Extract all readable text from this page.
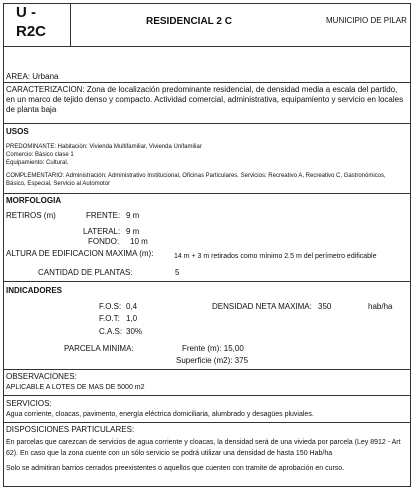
U -
R2C
RESIDENCIAL 2 C	MUNICIPIO DE PILAR
AREA: Urbana
CARACTERIZACION: Zona de localización predominante residencial, de densidad media a escala del partido, en un marco de tejido denso y compacto. Actividad comercial, administrativa, equipamiento y servicio en locales de planta baja
USOS
PREDOMINANTE: Habitación: Vivienda Multifamiliar, Vivienda Unifamiliar
Comercio: Básico clase 1
Equipamiento: Cultural.
COMPLEMENTARIO: Administración: Administrativo Institucional, Oficinas Particulares. Servicios: Recreativo A, Recreativo C, Gastronómicos, Básico, Especial, Servicio al Automotor
MORFOLOGIA
RETIROS (m)	FRENTE: 9 m
LATERAL: 9 m
FONDO: 10 m
ALTURA DE EDIFICACION MAXIMA (m):	14 m + 3 m retirados como mínimo 2.5 m del perímetro edificable
CANTIDAD DE PLANTAS:	5
INDICADORES
F.O.S: 0,4
F.O.T: 1,0
C.A.S: 30%
DENSIDAD NETA MAXIMA: 350	hab/ha
PARCELA MINIMA:	Frente (m): 15,00
Superficie (m2): 375
OBSERVACIONES:
APLICABLE A LOTES DE MAS DE 5000 m2
SERVICIOS:
Agua corriente, cloacas, pavimento, energía eléctrica domiciliaria, alumbrado y desagües pluviales.
DISPOSICIONES PARTICULARES:
En parcelas que carezcan de servicios de agua corriente y cloacas, la densidad será de una vivieda por parcela (Ley 8912 - Art 62). En caso que la zona cuente con un sólo servicio se podrá utilizar una densidad de hasta 150 Hab/ha
Solo se admitiran barrios cerrados preexistentes o aquellos que cuenten con tramite de aprobación en curso.
